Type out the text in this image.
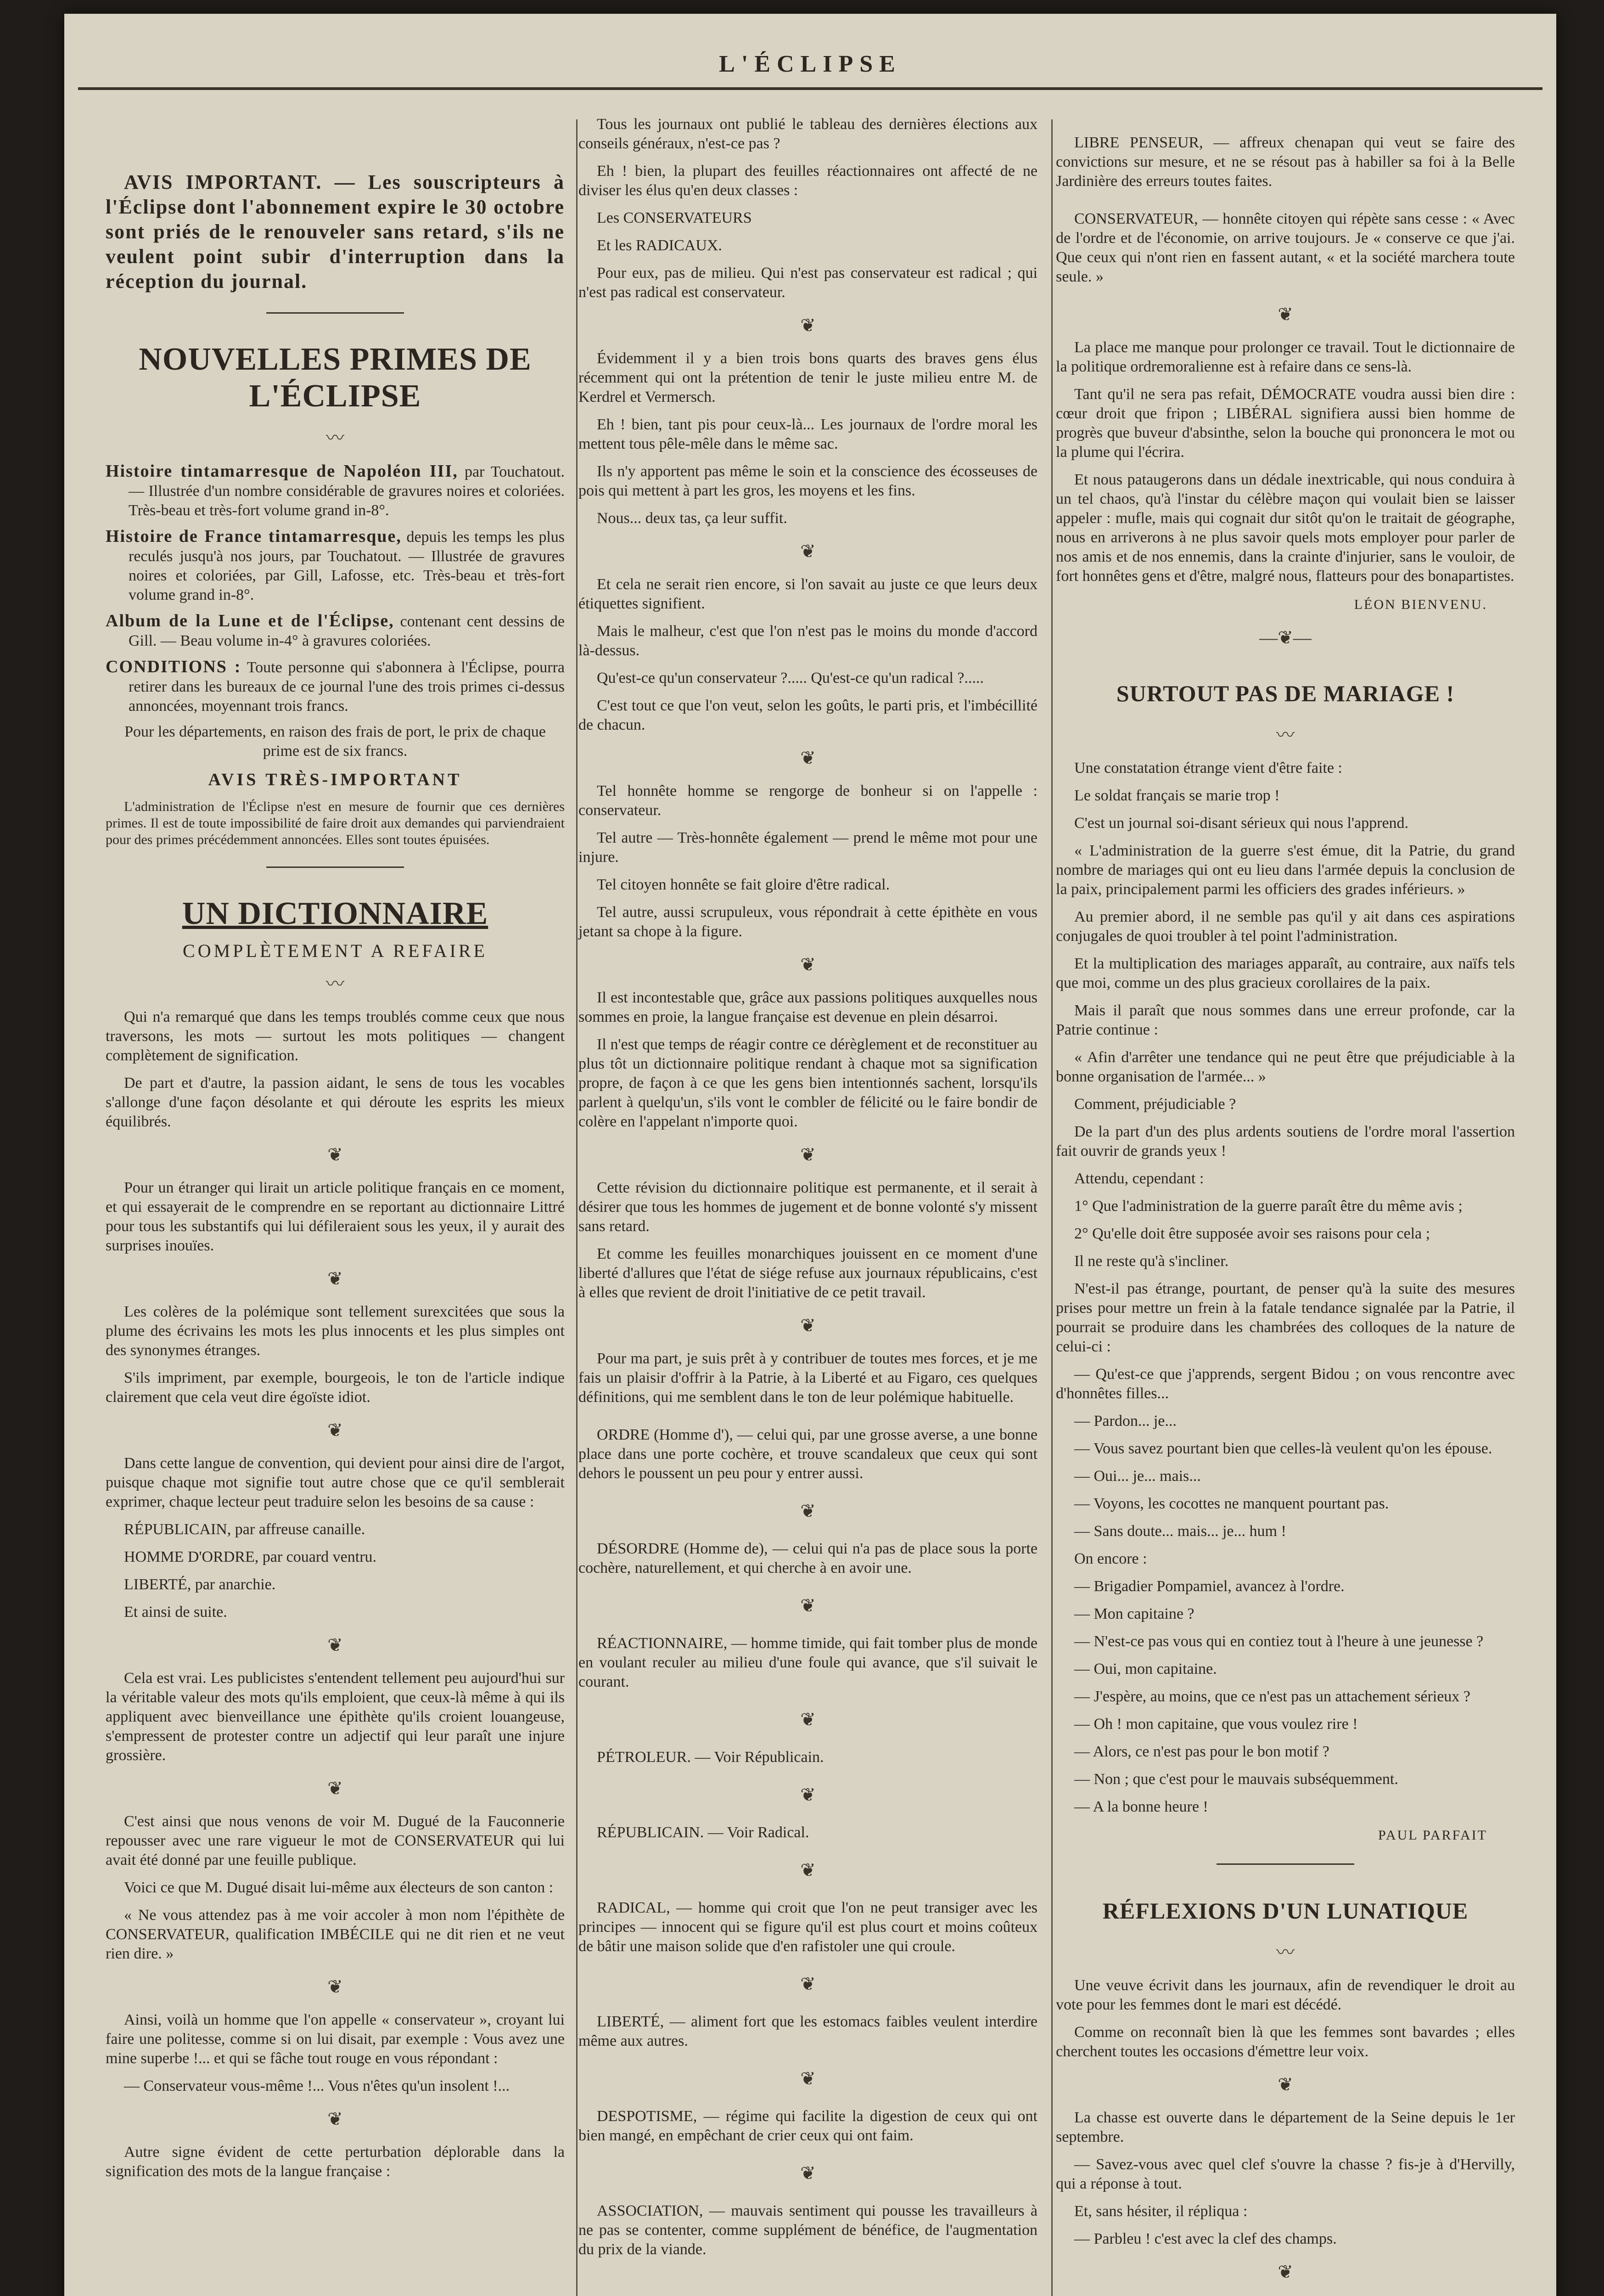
L'ÉCLIPSE

AVIS IMPORTANT. — Les souscripteurs à l'Éclipse dont l'abonnement expire le 30 octobre sont priés de le renouveler sans retard, s'ils ne veulent point subir d'interruption dans la réception du journal.

NOUVELLES PRIMES DE L'ÉCLIPSE
〰
Histoire tintamarresque de Napoléon III, par Touchatout. — Illustrée d'un nombre considérable de gravures noires et coloriées. Très-beau et très-fort volume grand in-8°.
Histoire de France tintamarresque, depuis les temps les plus reculés jusqu'à nos jours, par Touchatout. — Illustrée de gravures noires et coloriées, par Gill, Lafosse, etc. Très-beau et très-fort volume grand in-8°.
Album de la Lune et de l'Éclipse, contenant cent dessins de Gill. — Beau volume in-4° à gravures coloriées.
CONDITIONS : Toute personne qui s'abonnera à l'Éclipse, pourra retirer dans les bureaux de ce journal l'une des trois primes ci-dessus annoncées, moyennant trois francs.

Pour les départements, en raison des frais de port, le prix de chaque prime est de six francs.

AVIS TRÈS-IMPORTANT

L'administration de l'Éclipse n'est en mesure de fournir que ces dernières primes. Il est de toute impossibilité de faire droit aux demandes qui parviendraient pour des primes précédemment annoncées. Elles sont toutes épuisées.

UN DICTIONNAIRE
COMPLÈTEMENT A REFAIRE
〰

Qui n'a remarqué que dans les temps troublés comme ceux que nous traversons, les mots — surtout les mots politiques — changent complètement de signification.

De part et d'autre, la passion aidant, le sens de tous les vocables s'allonge d'une façon désolante et qui déroute les esprits les mieux équilibrés.

❦

Pour un étranger qui lirait un article politique français en ce moment, et qui essayerait de le comprendre en se reportant au dictionnaire Littré pour tous les substantifs qui lui défileraient sous les yeux, il y aurait des surprises inouïes.

❦

Les colères de la polémique sont tellement surexcitées que sous la plume des écrivains les mots les plus innocents et les plus simples ont des synonymes étranges.

S'ils impriment, par exemple, bourgeois, le ton de l'article indique clairement que cela veut dire égoïste idiot.

❦

Dans cette langue de convention, qui devient pour ainsi dire de l'argot, puisque chaque mot signifie tout autre chose que ce qu'il semblerait exprimer, chaque lecteur peut traduire selon les besoins de sa cause :

RÉPUBLICAIN, par affreuse canaille.

HOMME D'ORDRE, par couard ventru.

LIBERTÉ, par anarchie.

Et ainsi de suite.

❦

Cela est vrai. Les publicistes s'entendent tellement peu aujourd'hui sur la véritable valeur des mots qu'ils emploient, que ceux-là même à qui ils appliquent avec bienveillance une épithète qu'ils croient louangeuse, s'empressent de protester contre un adjectif qui leur paraît une injure grossière.

❦

C'est ainsi que nous venons de voir M. Dugué de la Fauconnerie repousser avec une rare vigueur le mot de CONSERVATEUR qui lui avait été donné par une feuille publique.

Voici ce que M. Dugué disait lui-même aux électeurs de son canton :

« Ne vous attendez pas à me voir accoler à mon nom l'épithète de CONSERVATEUR, qualification IMBÉCILE qui ne dit rien et ne veut rien dire. »

❦

Ainsi, voilà un homme que l'on appelle « conservateur », croyant lui faire une politesse, comme si on lui disait, par exemple : Vous avez une mine superbe !... et qui se fâche tout rouge en vous répondant :

— Conservateur vous-même !... Vous n'êtes qu'un insolent !...

❦

Autre signe évident de cette perturbation déplorable dans la signification des mots de la langue française :

Tous les journaux ont publié le tableau des dernières élections aux conseils généraux, n'est-ce pas ?

Eh ! bien, la plupart des feuilles réactionnaires ont affecté de ne diviser les élus qu'en deux classes :

Les CONSERVATEURS

Et les RADICAUX.

Pour eux, pas de milieu. Qui n'est pas conservateur est radical ; qui n'est pas radical est conservateur.

❦

Évidemment il y a bien trois bons quarts des braves gens élus récemment qui ont la prétention de tenir le juste milieu entre M. de Kerdrel et Vermersch.

Eh ! bien, tant pis pour ceux-là... Les journaux de l'ordre moral les mettent tous pêle-mêle dans le même sac.

Ils n'y apportent pas même le soin et la conscience des écosseuses de pois qui mettent à part les gros, les moyens et les fins.

Nous... deux tas, ça leur suffit.

❦

Et cela ne serait rien encore, si l'on savait au juste ce que leurs deux étiquettes signifient.

Mais le malheur, c'est que l'on n'est pas le moins du monde d'accord là-dessus.

Qu'est-ce qu'un conservateur ?..... Qu'est-ce qu'un radical ?.....

C'est tout ce que l'on veut, selon les goûts, le parti pris, et l'imbécillité de chacun.

❦

Tel honnête homme se rengorge de bonheur si on l'appelle : conservateur.

Tel autre — Très-honnête également — prend le même mot pour une injure.

Tel citoyen honnête se fait gloire d'être radical.

Tel autre, aussi scrupuleux, vous répondrait à cette épithète en vous jetant sa chope à la figure.

❦

Il est incontestable que, grâce aux passions politiques auxquelles nous sommes en proie, la langue française est devenue en plein désarroi.

Il n'est que temps de réagir contre ce dérèglement et de reconstituer au plus tôt un dictionnaire politique rendant à chaque mot sa signification propre, de façon à ce que les gens bien intentionnés sachent, lorsqu'ils parlent à quelqu'un, s'ils vont le combler de félicité ou le faire bondir de colère en l'appelant n'importe quoi.

❦

Cette révision du dictionnaire politique est permanente, et il serait à désirer que tous les hommes de jugement et de bonne volonté s'y missent sans retard.

Et comme les feuilles monarchiques jouissent en ce moment d'une liberté d'allures que l'état de siége refuse aux journaux républicains, c'est à elles que revient de droit l'initiative de ce petit travail.

❦

Pour ma part, je suis prêt à y contribuer de toutes mes forces, et je me fais un plaisir d'offrir à la Patrie, à la Liberté et au Figaro, ces quelques définitions, qui me semblent dans le ton de leur polémique habituelle.

ORDRE (Homme d'), — celui qui, par une grosse averse, a une bonne place dans une porte cochère, et trouve scandaleux que ceux qui sont dehors le poussent un peu pour y entrer aussi.

❦

DÉSORDRE (Homme de), — celui qui n'a pas de place sous la porte cochère, naturellement, et qui cherche à en avoir une.

❦

RÉACTIONNAIRE, — homme timide, qui fait tomber plus de monde en voulant reculer au milieu d'une foule qui avance, que s'il suivait le courant.

❦

PÉTROLEUR. — Voir Républicain.

❦

RÉPUBLICAIN. — Voir Radical.

❦

RADICAL, — homme qui croit que l'on ne peut transiger avec les principes — innocent qui se figure qu'il est plus court et moins coûteux de bâtir une maison solide que d'en rafistoler une qui croule.

❦

LIBERTÉ, — aliment fort que les estomacs faibles veulent interdire même aux autres.

❦

DESPOTISME, — régime qui facilite la digestion de ceux qui ont bien mangé, en empêchant de crier ceux qui ont faim.

❦

ASSOCIATION, — mauvais sentiment qui pousse les travailleurs à ne pas se contenter, comme supplément de bénéfice, de l'augmentation du prix de la viande.

LIBRE PENSEUR, — affreux chenapan qui veut se faire des convictions sur mesure, et ne se résout pas à habiller sa foi à la Belle Jardinière des erreurs toutes faites.

CONSERVATEUR, — honnête citoyen qui répète sans cesse : « Avec de l'ordre et de l'économie, on arrive toujours. Je « conserve ce que j'ai. Que ceux qui n'ont rien en fassent autant, « et la société marchera toute seule. »

❦

La place me manque pour prolonger ce travail. Tout le dictionnaire de la politique ordremoralienne est à refaire dans ce sens-là.

Tant qu'il ne sera pas refait, DÉMOCRATE voudra aussi bien dire : cœur droit que fripon ; LIBÉRAL signifiera aussi bien homme de progrès que buveur d'absinthe, selon la bouche qui prononcera le mot ou la plume qui l'écrira.

Et nous pataugerons dans un dédale inextricable, qui nous conduira à un tel chaos, qu'à l'instar du célèbre maçon qui voulait bien se laisser appeler : mufle, mais qui cognait dur sitôt qu'on le traitait de géographe, nous en arriverons à ne plus savoir quels mots employer pour parler de nos amis et de nos ennemis, dans la crainte d'injurier, sans le vouloir, de fort honnêtes gens et d'être, malgré nous, flatteurs pour des bonapartistes.

LÉON BIENVENU.

—❦—
SURTOUT PAS DE MARIAGE !
〰

Une constatation étrange vient d'être faite :

Le soldat français se marie trop !

C'est un journal soi-disant sérieux qui nous l'apprend.

« L'administration de la guerre s'est émue, dit la Patrie, du grand nombre de mariages qui ont eu lieu dans l'armée depuis la conclusion de la paix, principalement parmi les officiers des grades inférieurs. »

Au premier abord, il ne semble pas qu'il y ait dans ces aspirations conjugales de quoi troubler à tel point l'administration.

Et la multiplication des mariages apparaît, au contraire, aux naïfs tels que moi, comme un des plus gracieux corollaires de la paix.

Mais il paraît que nous sommes dans une erreur profonde, car la Patrie continue :

« Afin d'arrêter une tendance qui ne peut être que préjudiciable à la bonne organisation de l'armée... »

Comment, préjudiciable ?

De la part d'un des plus ardents soutiens de l'ordre moral l'assertion fait ouvrir de grands yeux !

Attendu, cependant :

1° Que l'administration de la guerre paraît être du même avis ;

2° Qu'elle doit être supposée avoir ses raisons pour cela ;

Il ne reste qu'à s'incliner.

N'est-il pas étrange, pourtant, de penser qu'à la suite des mesures prises pour mettre un frein à la fatale tendance signalée par la Patrie, il pourrait se produire dans les chambrées des colloques de la nature de celui-ci :

— Qu'est-ce que j'apprends, sergent Bidou ; on vous rencontre avec d'honnêtes filles...

— Pardon... je...

— Vous savez pourtant bien que celles-là veulent qu'on les épouse.

— Oui... je... mais...

— Voyons, les cocottes ne manquent pourtant pas.

— Sans doute... mais... je... hum !

On encore :

— Brigadier Pompamiel, avancez à l'ordre.

— Mon capitaine ?

— N'est-ce pas vous qui en contiez tout à l'heure à une jeunesse ?

— Oui, mon capitaine.

— J'espère, au moins, que ce n'est pas un attachement sérieux ?

— Oh ! mon capitaine, que vous voulez rire !

— Alors, ce n'est pas pour le bon motif ?

— Non ; que c'est pour le mauvais subséquemment.

— A la bonne heure !

PAUL PARFAIT

RÉFLEXIONS D'UN LUNATIQUE
〰

Une veuve écrivit dans les journaux, afin de revendiquer le droit au vote pour les femmes dont le mari est décédé.

Comme on reconnaît bien là que les femmes sont bavardes ; elles cherchent toutes les occasions d'émettre leur voix.

❦

La chasse est ouverte dans le département de la Seine depuis le 1er septembre.

— Savez-vous avec quel clef s'ouvre la chasse ? fis-je à d'Hervilly, qui a réponse à tout.

Et, sans hésiter, il répliqua :

— Parbleu ! c'est avec la clef des champs.

❦
